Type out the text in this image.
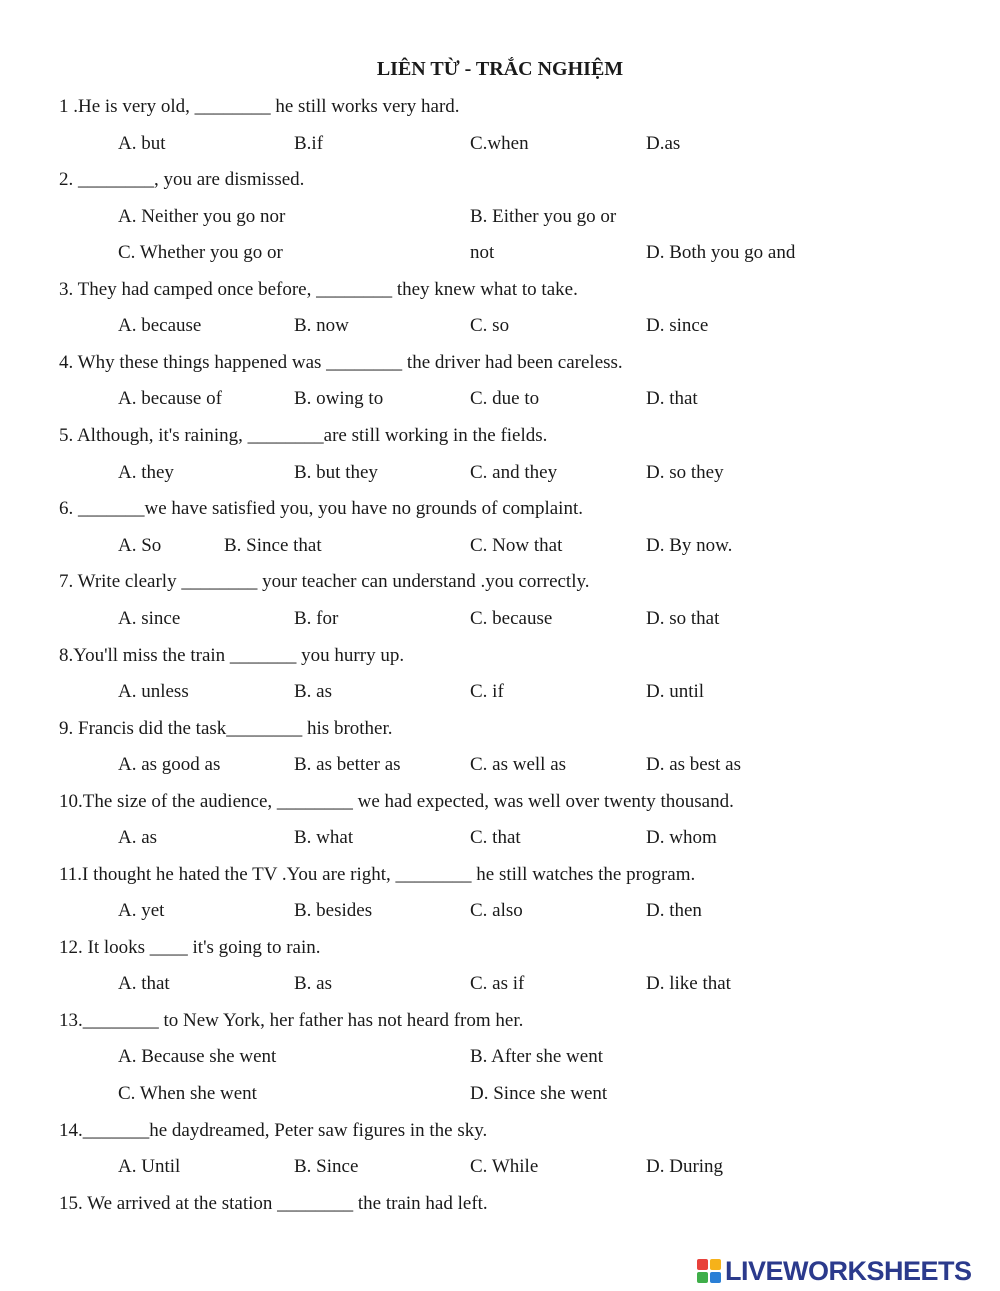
LIÊN TỪ - TRẮC NGHIỆM
1 .He is very old, ________ he still works very hard.
A. but	B.if	C.when	D.as
2. ________, you are dismissed.
A. Neither you go nor	B. Either you go or
C. Whether you go or	not	D. Both you go and
3. They had camped once before, ________ they knew what to take.
A. because	B. now	C. so	D. since
4. Why these things happened was ________ the driver had been careless.
A. because of	B. owing to	C. due to	D. that
5. Although, it's raining, ________are still working in the fields.
A. they	B. but they	C. and they	D. so they
6. _______we have satisfied you, you have no grounds of complaint.
A. So	B. Since that	C. Now that	D. By now.
7. Write clearly ________ your teacher can understand .you correctly.
A. since	B. for	C. because	D. so that
8.You'll miss the train _______ you hurry up.
A. unless	B. as	C. if	D. until
9. Francis did the task________ his brother.
A. as good as	B. as better as	C. as well as	D. as best as
10.The size of the audience, ________ we had expected, was well over twenty thousand.
A. as	B. what	C. that	D. whom
11.I thought he hated the TV .You are right, ________ he still watches the program.
A. yet	B. besides	C. also	D. then
12. It looks ____ it's going to rain.
A. that	B. as	C. as if	D. like that
13.________ to New York, her father has not heard from her.
A. Because she went	B. After she went
C. When she went	D. Since she went
14._______he daydreamed, Peter saw figures in the sky.
A. Until	B. Since	C. While	D. During
15. We arrived at the station ________ the train had left.
LIVEWORKSHEETS
